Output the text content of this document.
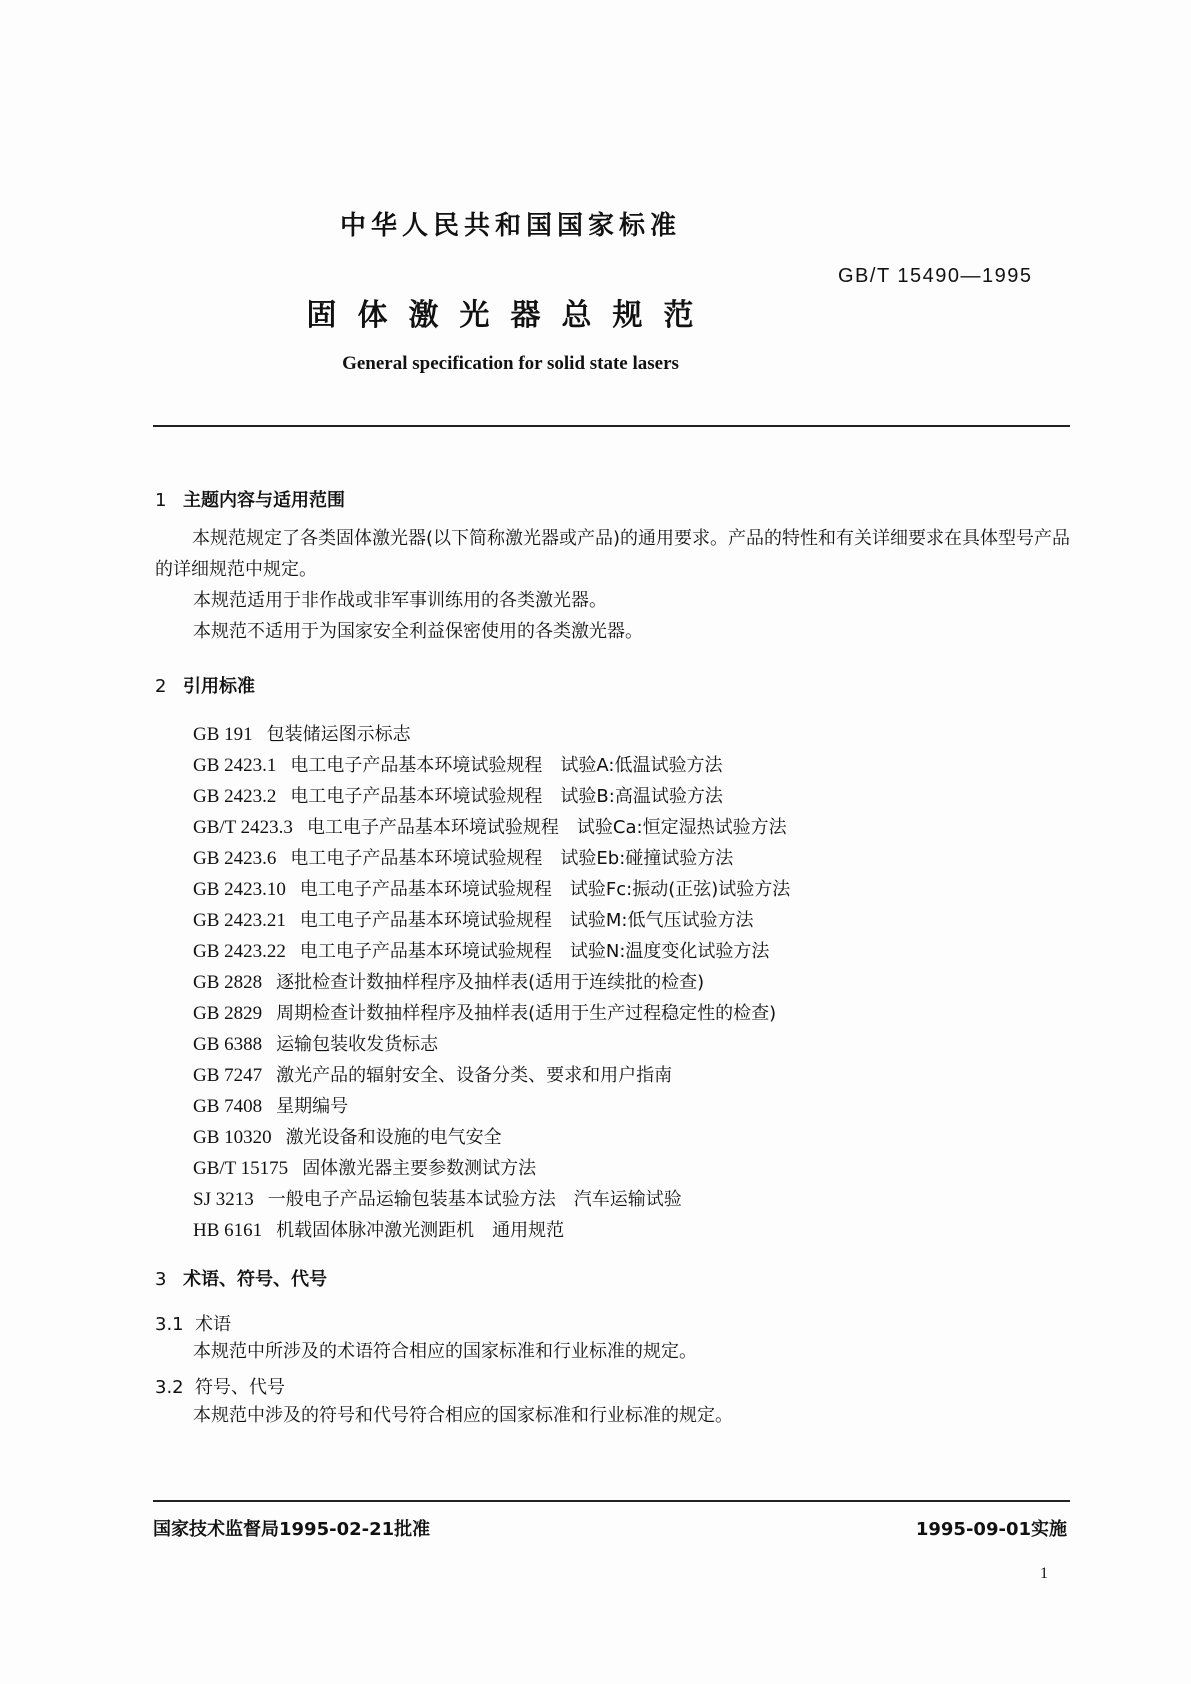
中华人民共和国国家标准
GB/T 15490—1995
固体激光器总规范
General specification for solid state lasers
1 主题内容与适用范围
本规范规定了各类固体激光器(以下简称激光器或产品)的通用要求。产品的特性和有关详细要求在具体型号产品的详细规范中规定。
本规范适用于非作战或非军事训练用的各类激光器。
本规范不适用于为国家安全利益保密使用的各类激光器。
2 引用标准
GB 191 包装储运图示标志
GB 2423.1 电工电子产品基本环境试验规程　试验A:低温试验方法
GB 2423.2 电工电子产品基本环境试验规程　试验B:高温试验方法
GB/T 2423.3 电工电子产品基本环境试验规程　试验Ca:恒定湿热试验方法
GB 2423.6 电工电子产品基本环境试验规程　试验Eb:碰撞试验方法
GB 2423.10 电工电子产品基本环境试验规程　试验Fc:振动(正弦)试验方法
GB 2423.21 电工电子产品基本环境试验规程　试验M:低气压试验方法
GB 2423.22 电工电子产品基本环境试验规程　试验N:温度变化试验方法
GB 2828 逐批检查计数抽样程序及抽样表(适用于连续批的检查)
GB 2829 周期检查计数抽样程序及抽样表(适用于生产过程稳定性的检查)
GB 6388 运输包装收发货标志
GB 7247 激光产品的辐射安全、设备分类、要求和用户指南
GB 7408 星期编号
GB 10320 激光设备和设施的电气安全
GB/T 15175 固体激光器主要参数测试方法
SJ 3213 一般电子产品运输包装基本试验方法　汽车运输试验
HB 6161 机载固体脉冲激光测距机　通用规范
3 术语、符号、代号
3.1 术语
本规范中所涉及的术语符合相应的国家标准和行业标准的规定。
3.2 符号、代号
本规范中涉及的符号和代号符合相应的国家标准和行业标准的规定。
国家技术监督局1995-02-21批准	1995-09-01实施
1
